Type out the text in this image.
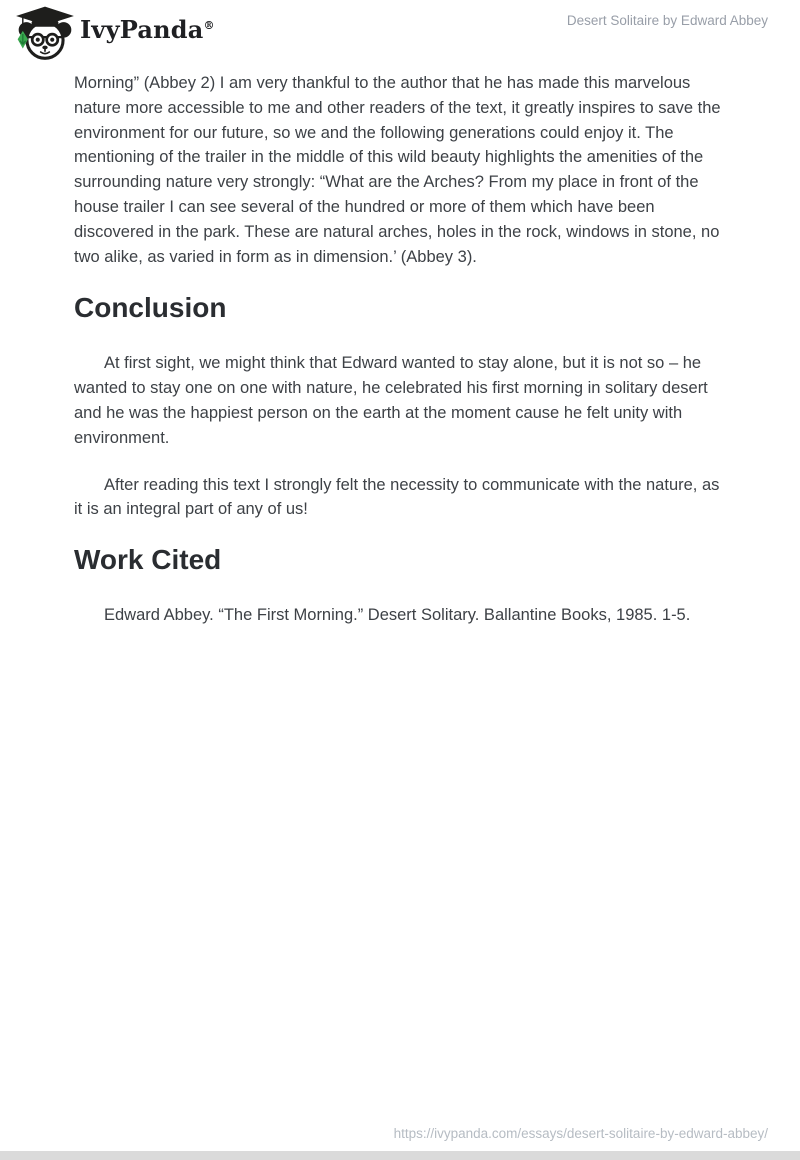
IvyPanda®	Desert Solitaire by Edward Abbey

Morning” (Abbey 2) I am very thankful to the author that he has made this marvelous nature more accessible to me and other readers of the text, it greatly inspires to save the environment for our future, so we and the following generations could enjoy it. The mentioning of the trailer in the middle of this wild beauty highlights the amenities of the surrounding nature very strongly: “What are the Arches? From my place in front of the house trailer I can see several of the hundred or more of them which have been discovered in the park. These are natural arches, holes in the rock, windows in stone, no two alike, as varied in form as in dimension.’ (Abbey 3).

Conclusion

At first sight, we might think that Edward wanted to stay alone, but it is not so – he wanted to stay one on one with nature, he celebrated his first morning in solitary desert and he was the happiest person on the earth at the moment cause he felt unity with environment.

After reading this text I strongly felt the necessity to communicate with the nature, as it is an integral part of any of us!

Work Cited

Edward Abbey. “The First Morning.” Desert Solitary. Ballantine Books, 1985. 1-5.

https://ivypanda.com/essays/desert-solitaire-by-edward-abbey/
